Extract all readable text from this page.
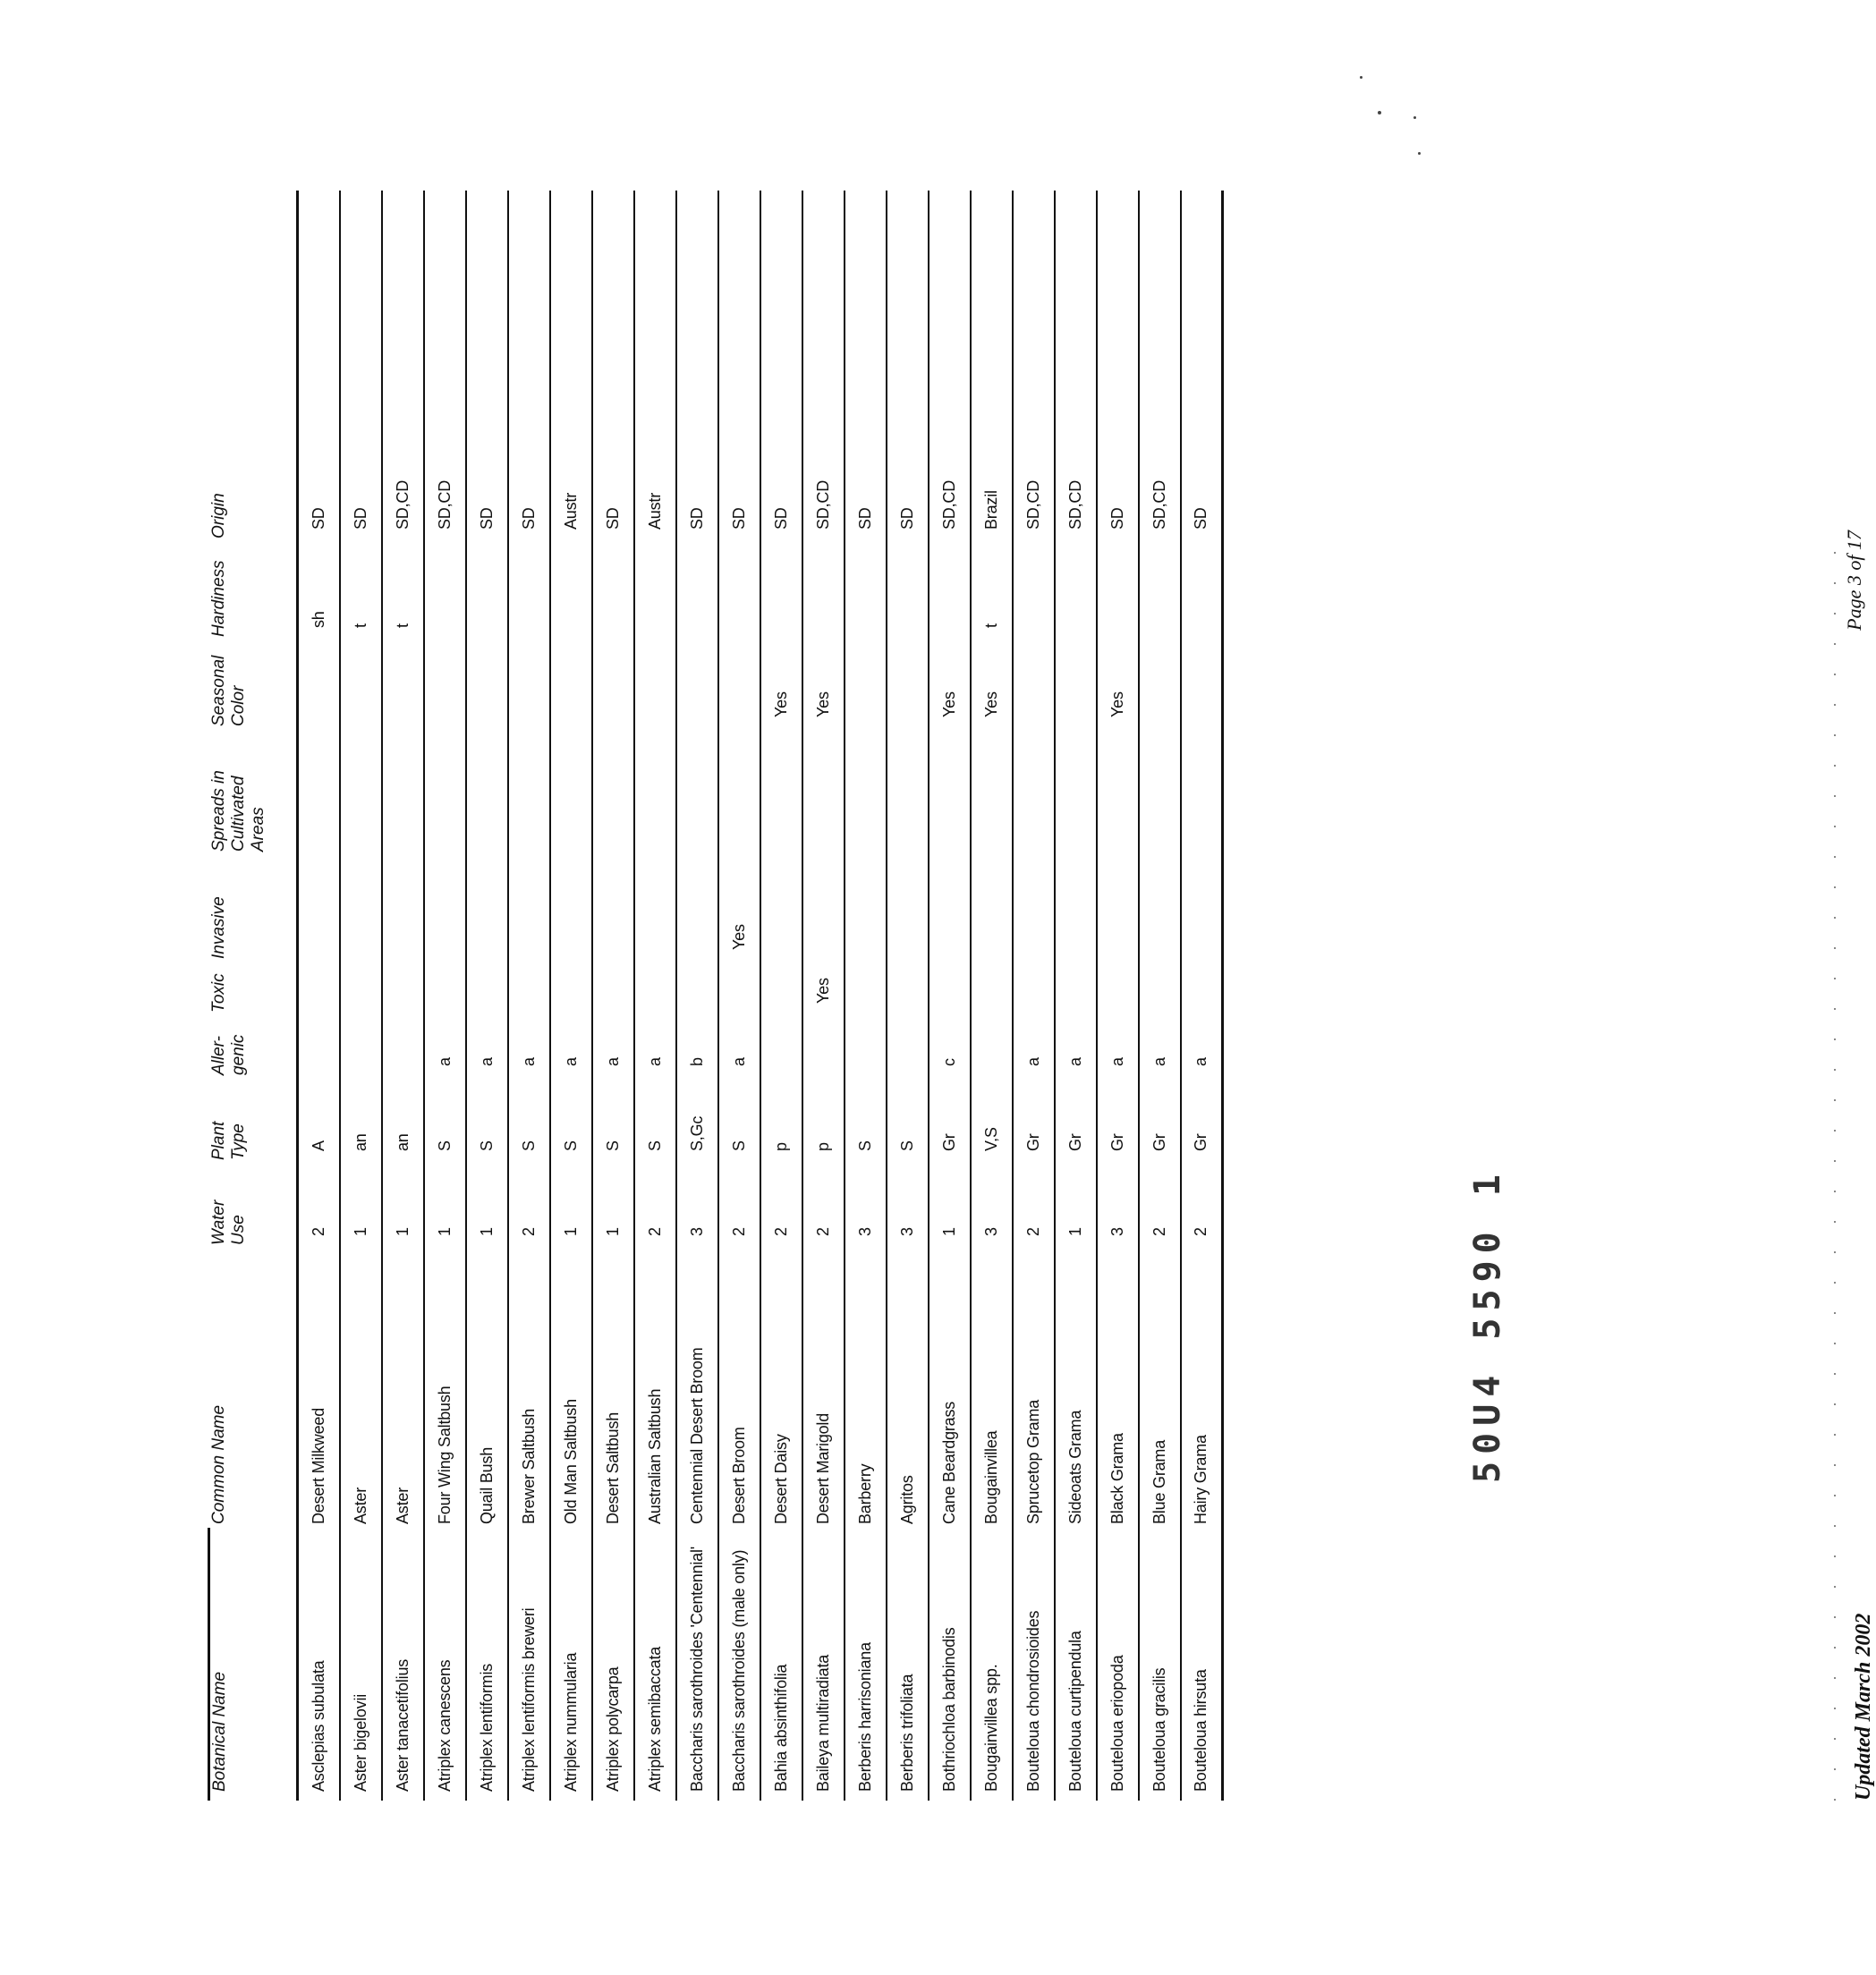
Botanical Name	Common Name	Water Use	Plant Type	Aller-genic	Toxic	Invasive	Spreads in Cultivated Areas	Seasonal Color	Hardiness	Origin
Asclepias subulata	Desert Milkweed	2	A						sh	SD
Aster bigelovii	Aster	1	an						t	SD
Aster tanacetifolius	Aster	1	an						t	SD,CD
Atriplex canescens	Four Wing Saltbush	1	S	a						SD,CD
Atriplex lentiformis	Quail Bush	1	S	a						SD
Atriplex lentiformis breweri	Brewer Saltbush	2	S	a						SD
Atriplex nummularia	Old Man Saltbush	1	S	a						Austr
Atriplex polycarpa	Desert Saltbush	1	S	a						SD
Atriplex semibaccata	Australian Saltbush	2	S	a						Austr
Baccharis sarothroides 'Centennial'	Centennial Desert Broom	3	S,Gc	b						SD
Baccharis sarothroides (male only)	Desert Broom	2	S	a		Yes				SD
Bahia absinthifolia	Desert Daisy	2	p					Yes		SD
Baileya multiradiata	Desert Marigold	2	p		Yes			Yes		SD,CD
Berberis harrisoniana	Barberry	3	S							SD
Berberis trifoliata	Agritos	3	S							SD
Bothriochloa barbinodis	Cane Beardgrass	1	Gr	c				Yes		SD,CD
Bougainvillea spp.	Bougainvillea	3	V,S					Yes	t	Brazil
Bouteloua chondrosioides	Sprucetop Grama	2	Gr	a						SD,CD
Bouteloua curtipendula	Sideoats Grama	1	Gr	a						SD,CD
Bouteloua eriopoda	Black Grama	3	Gr	a				Yes		SD
Bouteloua gracilis	Blue Grama	2	Gr	a						SD,CD
Bouteloua hirsuta	Hairy Grama	2	Gr	a						SD
Updated March 2002
Page 3 of 17
50U4 5590 1
